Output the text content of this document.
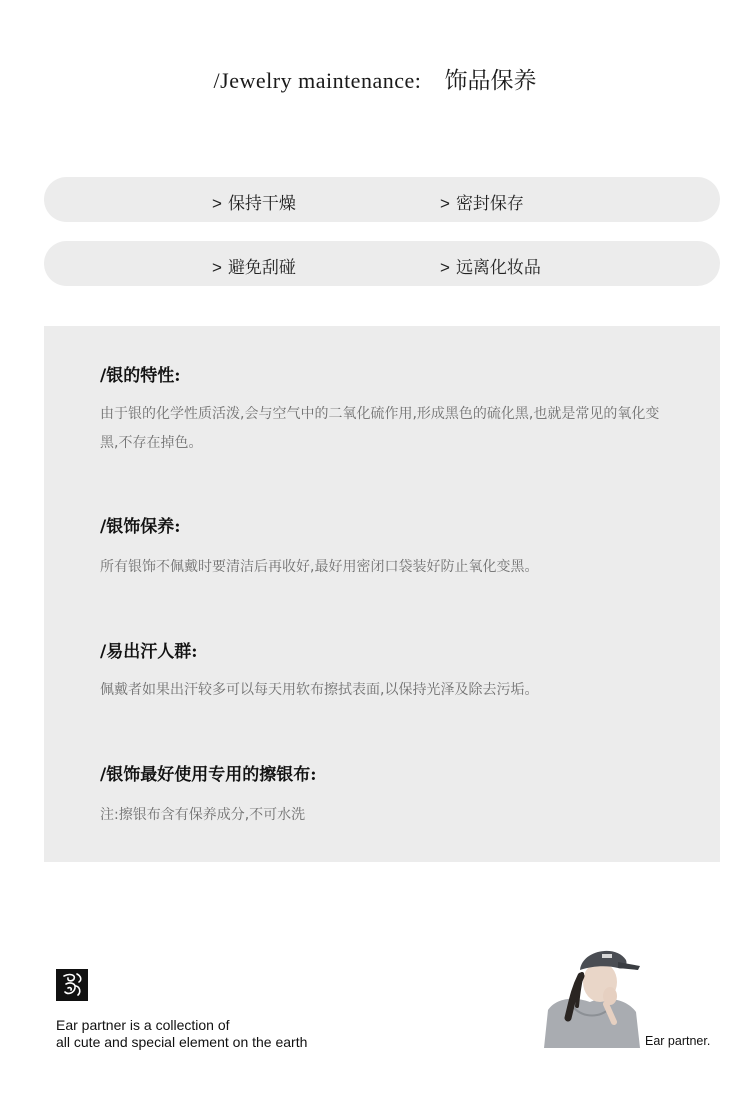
/Jewelry maintenance: 饰品保养
> 保持干燥	> 密封保存
> 避免刮碰	> 远离化妆品
/银的特性:
由于银的化学性质活泼,会与空气中的二氧化硫作用,形成黑色的硫化黑,也就是常见的氧化变黑,不存在掉色。
/银饰保养:
所有银饰不佩戴时要清洁后再收好,最好用密闭口袋装好防止氧化变黑。
/易出汗人群:
佩戴者如果出汗较多可以每天用软布擦拭表面,以保持光泽及除去污垢。
/银饰最好使用专用的擦银布:
注:擦银布含有保养成分,不可水洗
Ear partner is a collection of
all cute and special element on the earth	Ear partner.
